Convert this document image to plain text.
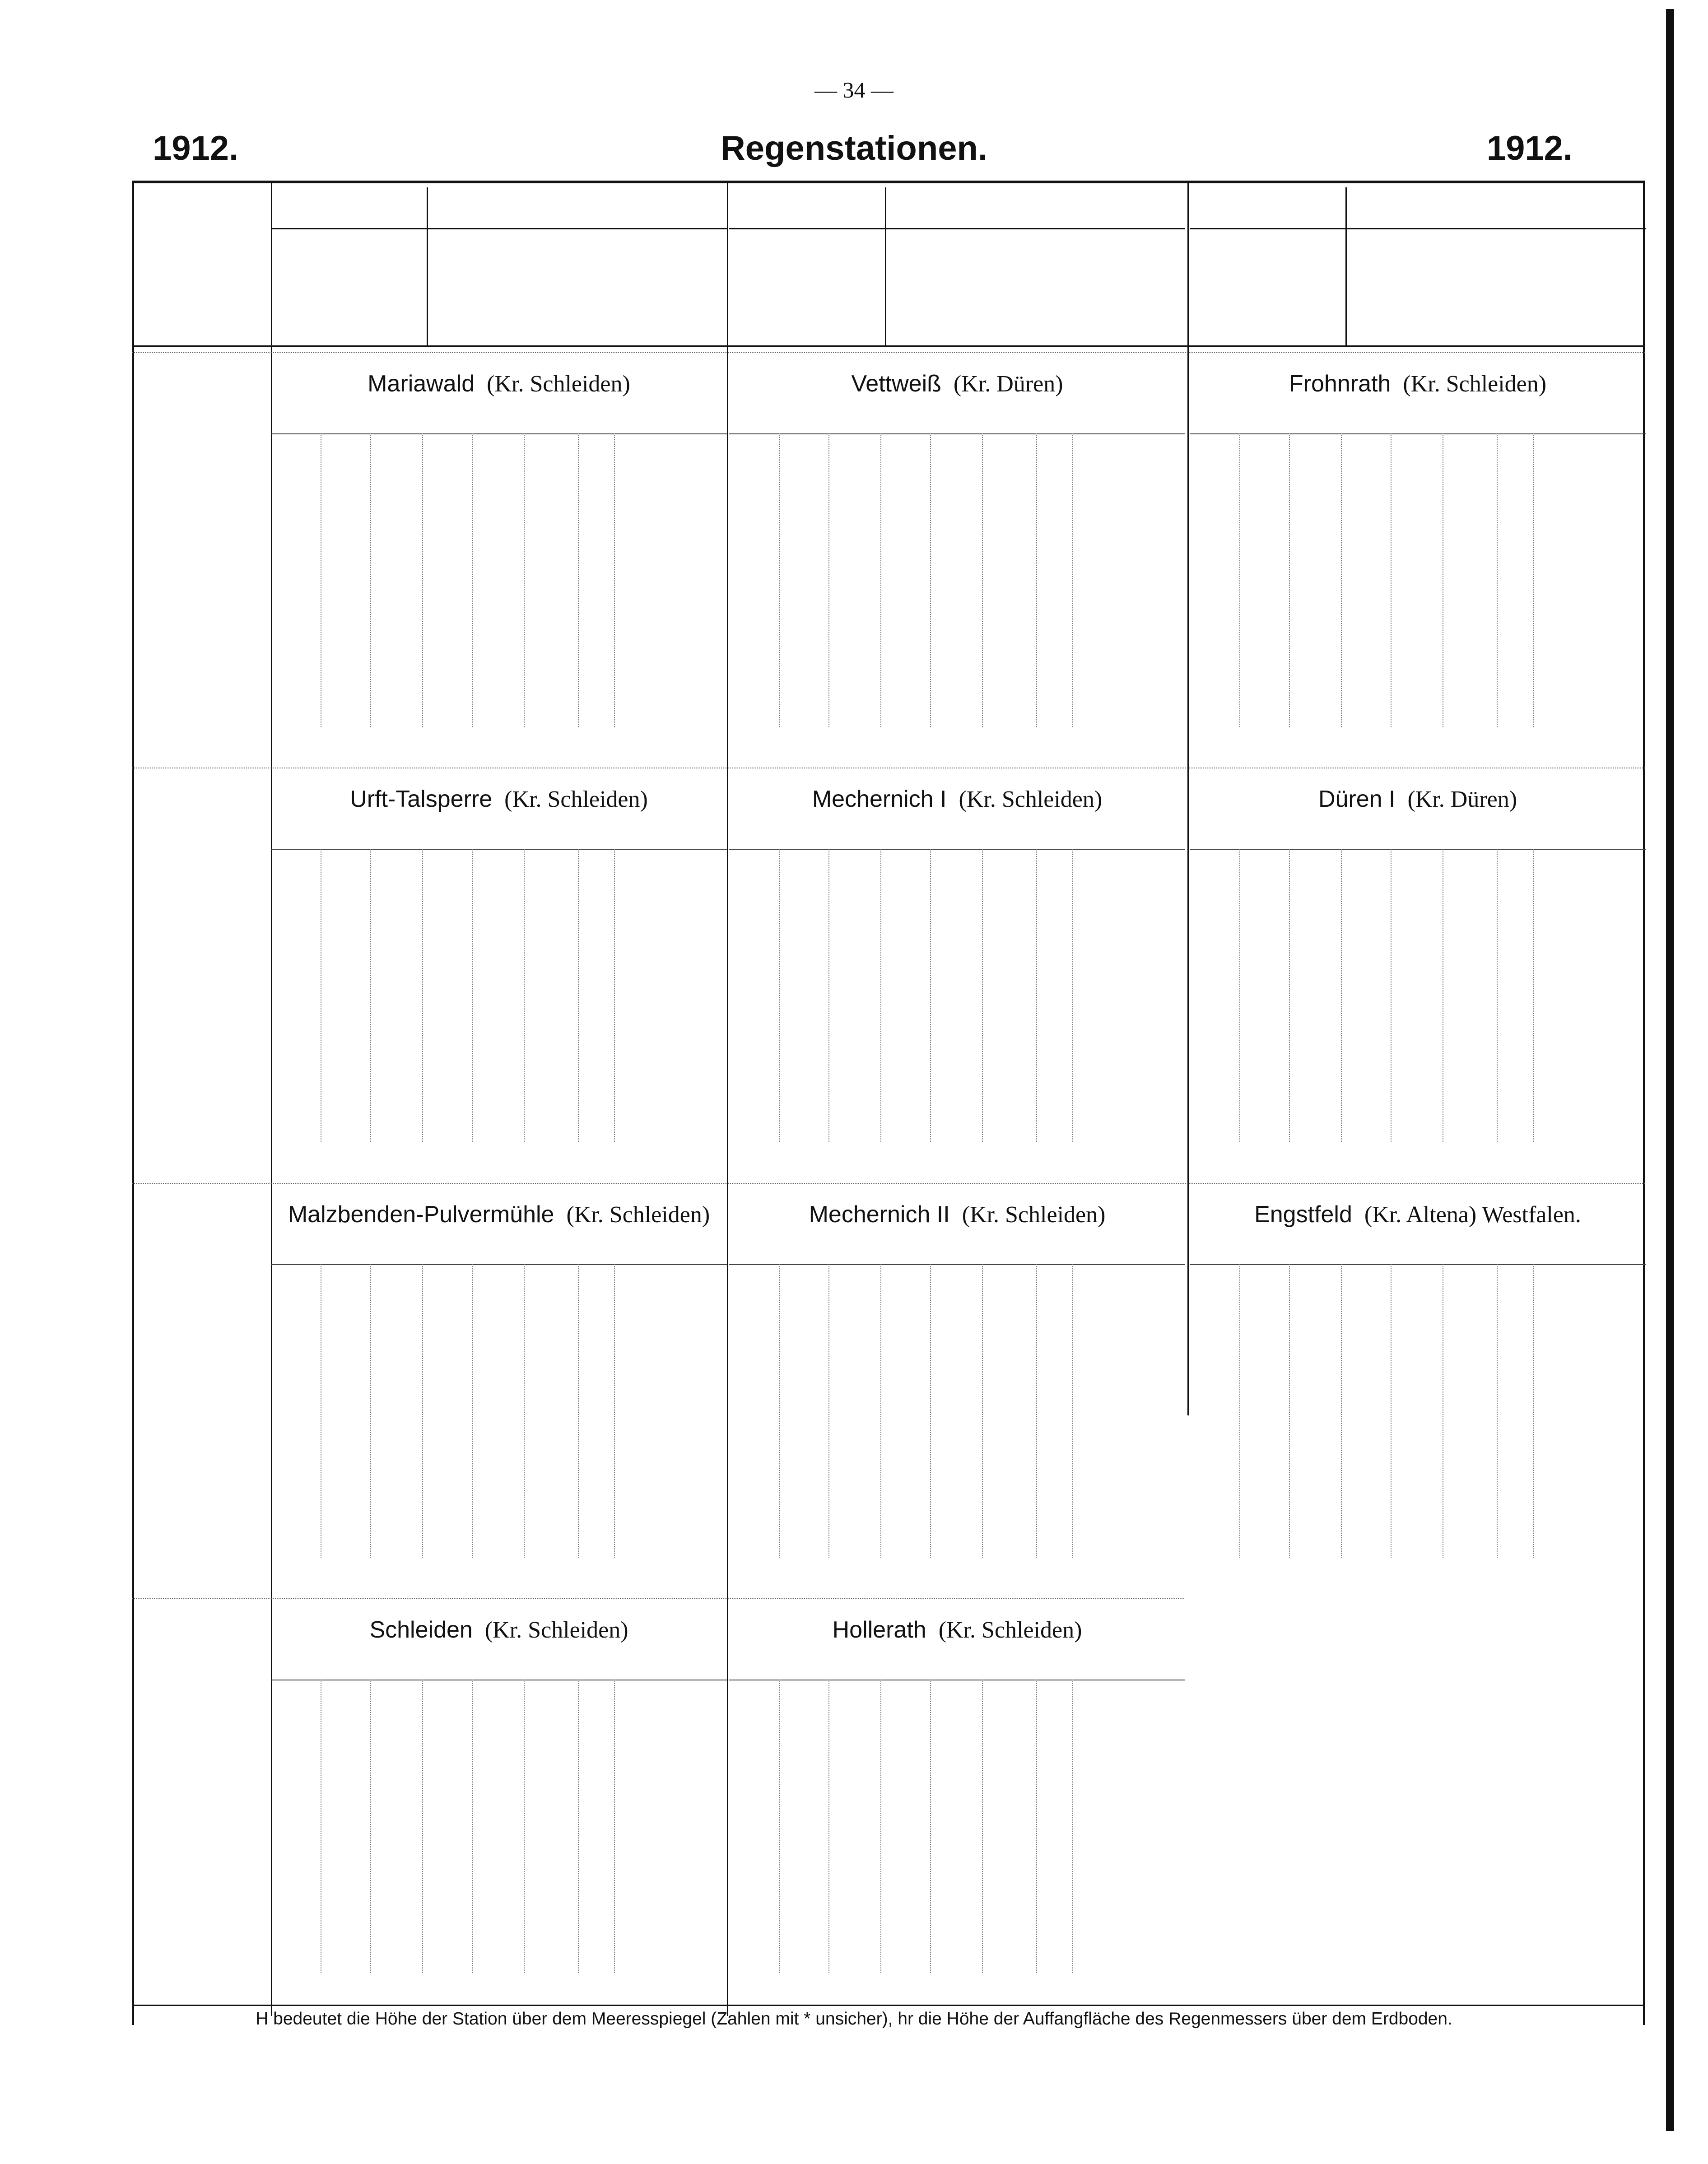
— 34 —
1912.	Regenstationen.	1912.
H bedeutet die Höhe der Station über dem Meeresspiegel (Zahlen mit * unsicher), hr die Höhe der Auffangfläche des Regenmessers über dem Erdboden.
Mariawald (Kr. Schleiden)	Vettweiß (Kr. Düren)	Frohnrath (Kr. Schleiden)
Urft-Talsperre (Kr. Schleiden)	Mechernich I (Kr. Schleiden)	Düren I (Kr. Düren)
Malzbenden-Pulvermühle (Kr. Schleiden)	Mechernich II (Kr. Schleiden)	Engstfeld (Kr. Altena) Westfalen.
Schleiden (Kr. Schleiden)	Hollerath (Kr. Schleiden)
